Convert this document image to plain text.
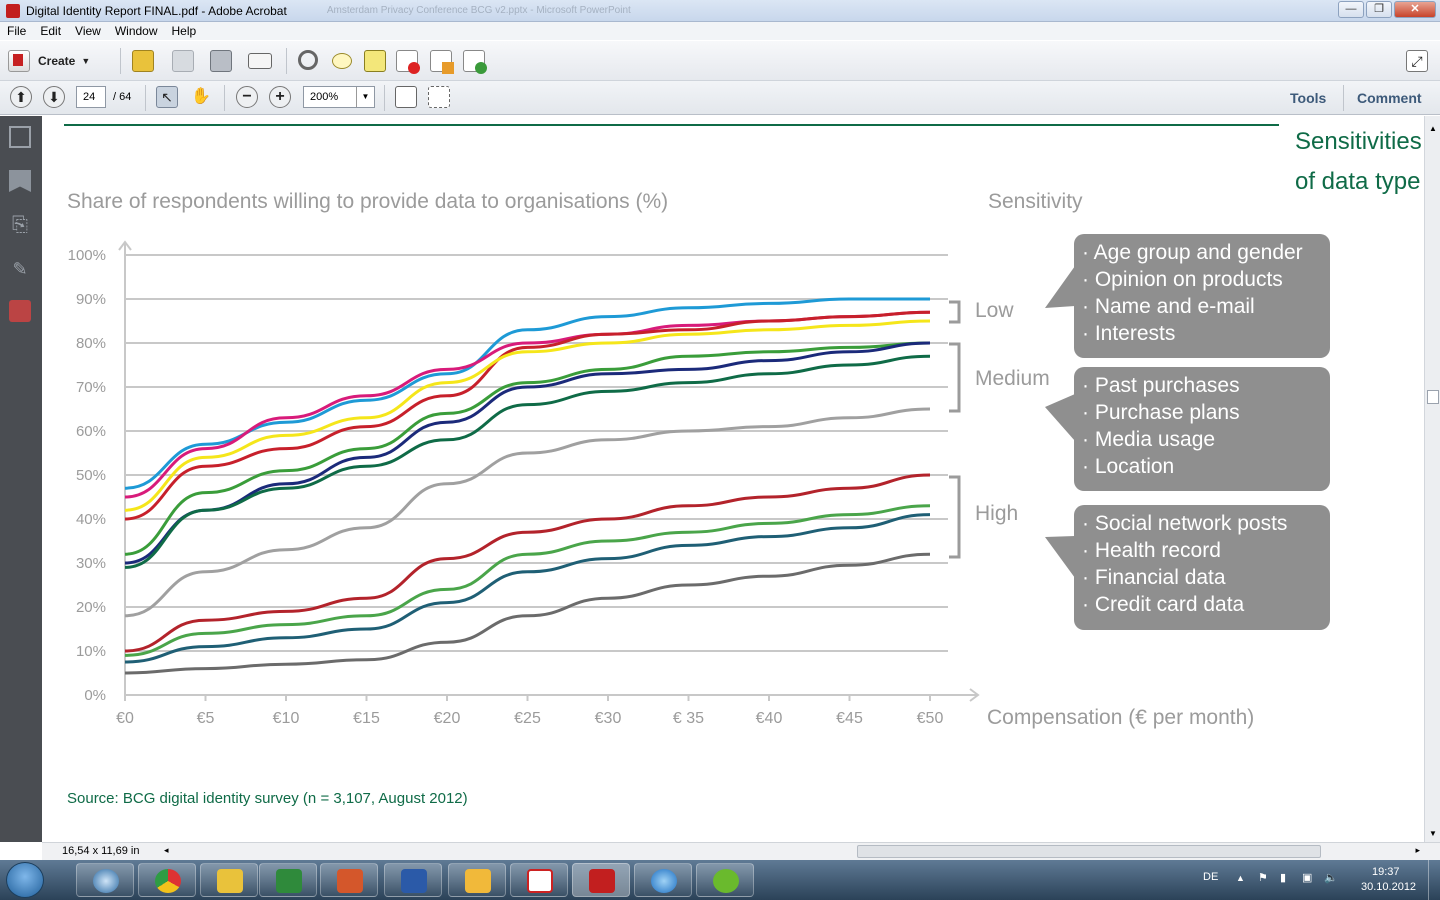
Digital Identity Report FINAL.pdf - Adobe Acrobat	Amsterdam Privacy Conference BCG v2.pptx - Microsoft PowerPoint	—	❐	✕
File	Edit	View	Window	Help
Create ▼	⤢
⬆	⬇	24	/ 64	↖	✋	−	+	200%	▼	Tools Comment
⎘
✎
Sensitivities
of data type
Share of respondents willing to provide data to organisations (%)	Sensitivity
0%
10%
20%
30%
40%
50%
60%
70%
80%
90%
100%
€0	€5	€10	€15	€20	€25	€30	€ 35	€40	€45	€50 Compensation (€ per month)
Low
Medium
High
· Age group and gender
· Opinion on products
· Name and e-mail
· Interests
· Past purchases
· Purchase plans
· Media usage
· Location
· Social network posts
· Health record
· Financial data
· Credit card data
Source: BCG digital identity survey (n = 3,107, August 2012)
▲
▼
16,54 x 11,69 in	◂	▸
DE ▲ ⚑ ▮ ▣ 🔈	19:37
30.10.2012
